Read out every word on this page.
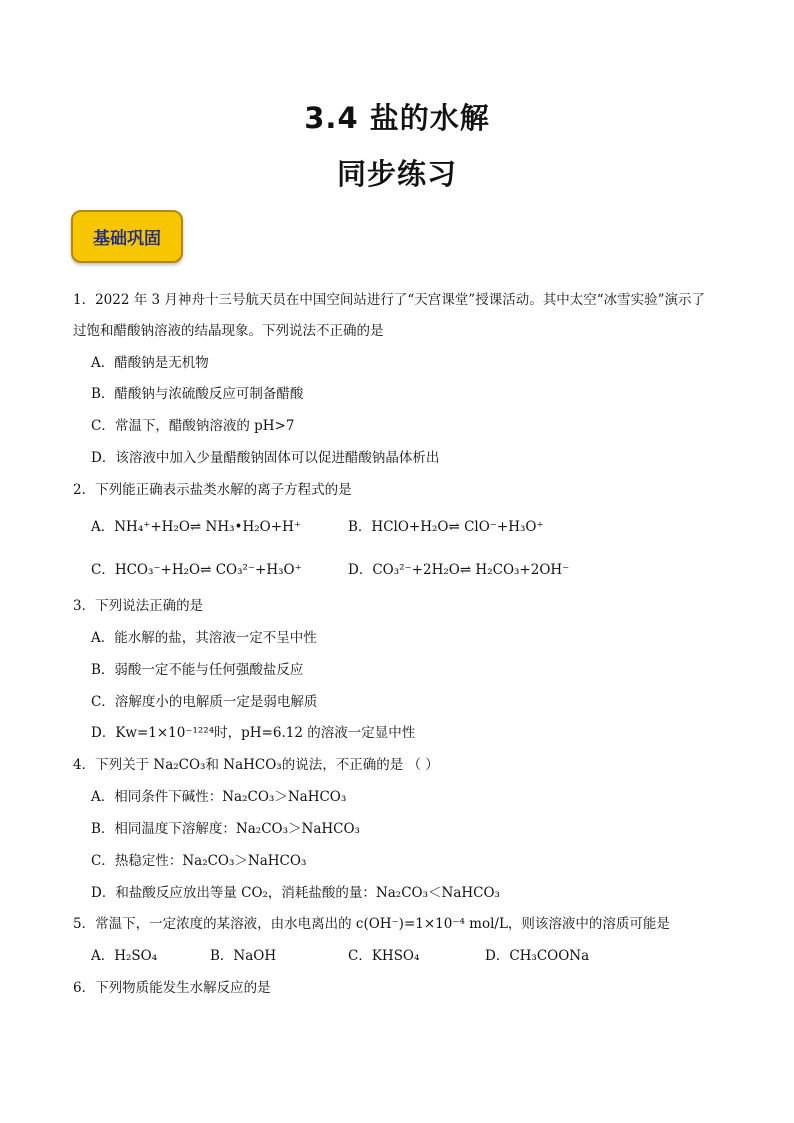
3.4 盐的水解
同步练习
基础巩固
1．2022 年 3 月神舟十三号航天员在中国空间站进行了“天宫课堂”授课活动。其中太空“冰雪实验”演示了
过饱和醋酸钠溶液的结晶现象。下列说法不正确的是
A．醋酸钠是无机物
B．醋酸钠与浓硫酸反应可制备醋酸
C．常温下，醋酸钠溶液的 pH>7
D．该溶液中加入少量醋酸钠固体可以促进醋酸钠晶体析出
2．下列能正确表示盐类水解的离子方程式的是
A．NH₄⁺+H₂O⇌ NH₃•H₂O+H⁺	B．HClO+H₂O⇌ ClO⁻+H₃O⁺
C．HCO₃⁻+H₂O⇌ CO₃²⁻+H₃O⁺	D．CO₃²⁻+2H₂O⇌ H₂CO₃+2OH⁻
3．下列说法正确的是
A．能水解的盐，其溶液一定不呈中性
B．弱酸一定不能与任何强酸盐反应
C．溶解度小的电解质一定是弱电解质
D．Kw=1×10⁻¹²²⁴时，pH=6.12 的溶液一定显中性
4．下列关于 Na₂CO₃和 NaHCO₃的说法，不正确的是 （ ）
A．相同条件下碱性：Na₂CO₃＞NaHCO₃
B．相同温度下溶解度：Na₂CO₃＞NaHCO₃
C．热稳定性：Na₂CO₃＞NaHCO₃
D．和盐酸反应放出等量 CO₂，消耗盐酸的量：Na₂CO₃＜NaHCO₃
5．常温下，一定浓度的某溶液，由水电离出的 c(OH⁻)=1×10⁻⁴ mol/L，则该溶液中的溶质可能是
A．H₂SO₄	B．NaOH	C．KHSO₄	D．CH₃COONa
6．下列物质能发生水解反应的是
